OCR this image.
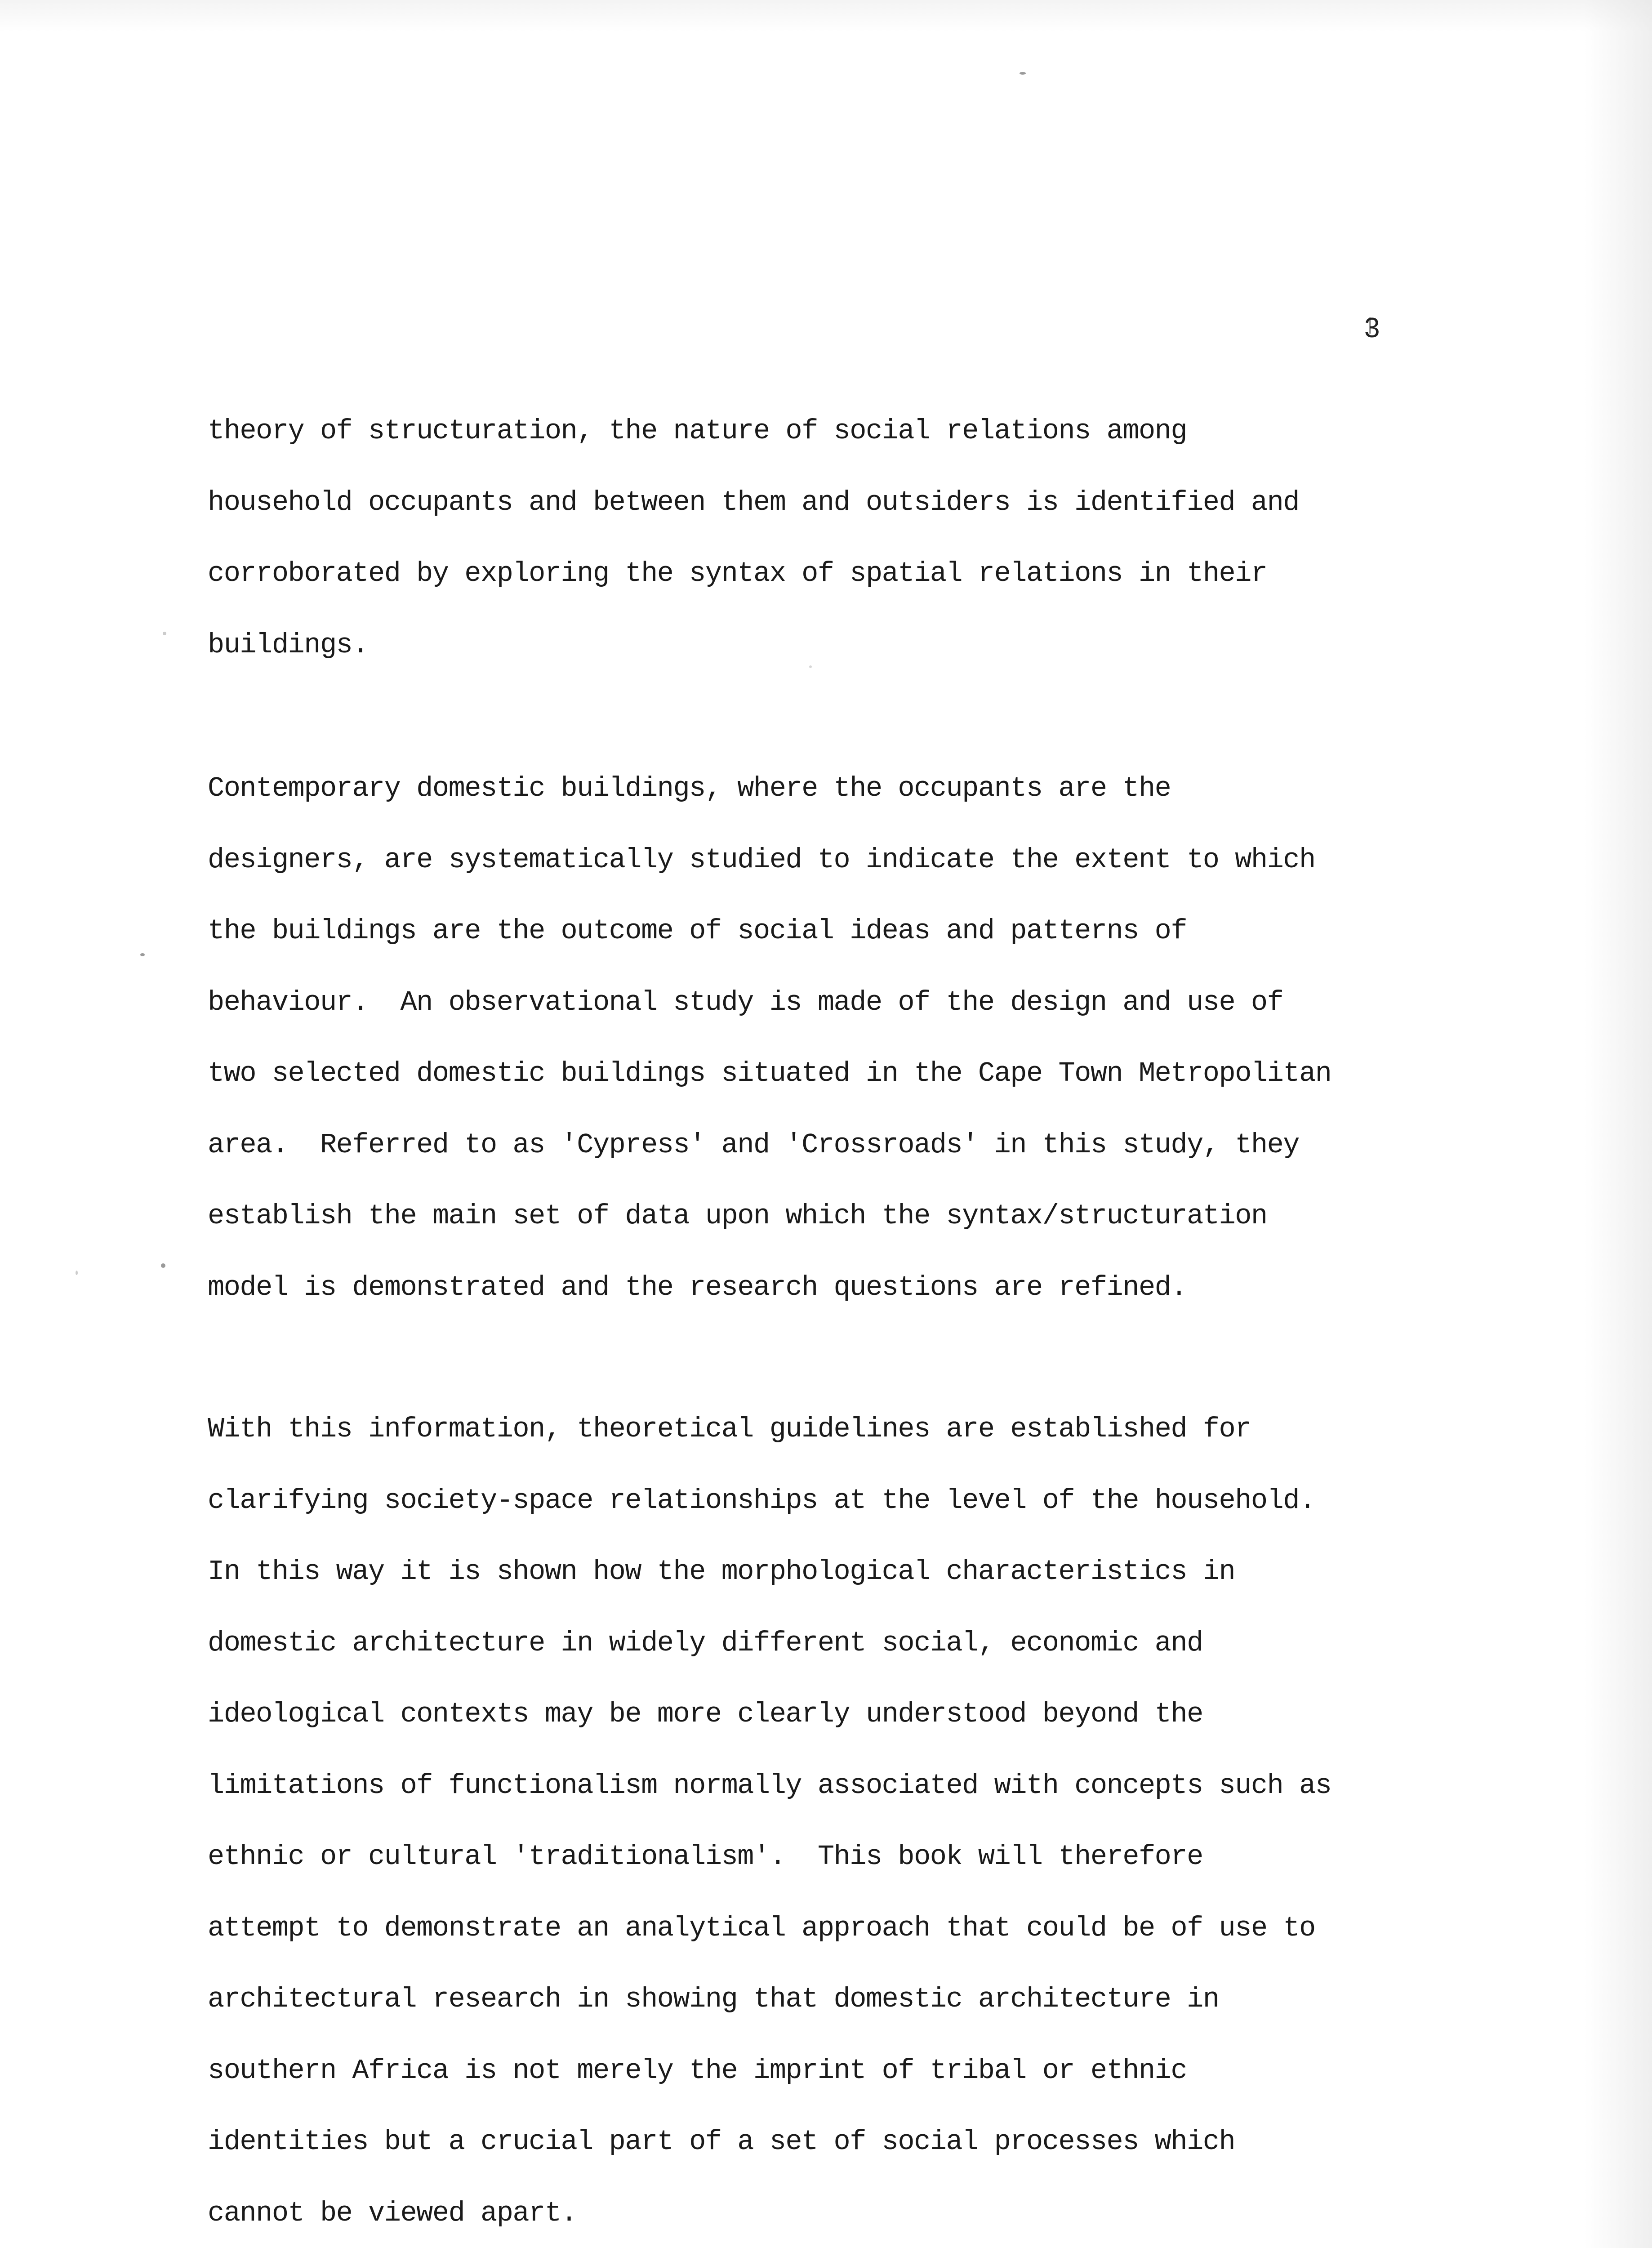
3
theory of structuration, the nature of social relations among
household occupants and between them and outsiders is identified and
corroborated by exploring the syntax of spatial relations in their
buildings.
Contemporary domestic buildings, where the occupants are the
designers, are systematically studied to indicate the extent to which
the buildings are the outcome of social ideas and patterns of
behaviour.  An observational study is made of the design and use of
two selected domestic buildings situated in the Cape Town Metropolitan
area.  Referred to as 'Cypress' and 'Crossroads' in this study, they
establish the main set of data upon which the syntax/structuration
model is demonstrated and the research questions are refined.
With this information, theoretical guidelines are established for
clarifying society-space relationships at the level of the household.
In this way it is shown how the morphological characteristics in
domestic architecture in widely different social, economic and
ideological contexts may be more clearly understood beyond the
limitations of functionalism normally associated with concepts such as
ethnic or cultural 'traditionalism'.  This book will therefore
attempt to demonstrate an analytical approach that could be of use to
architectural research in showing that domestic architecture in
southern Africa is not merely the imprint of tribal or ethnic
identities but a crucial part of a set of social processes which
cannot be viewed apart.
